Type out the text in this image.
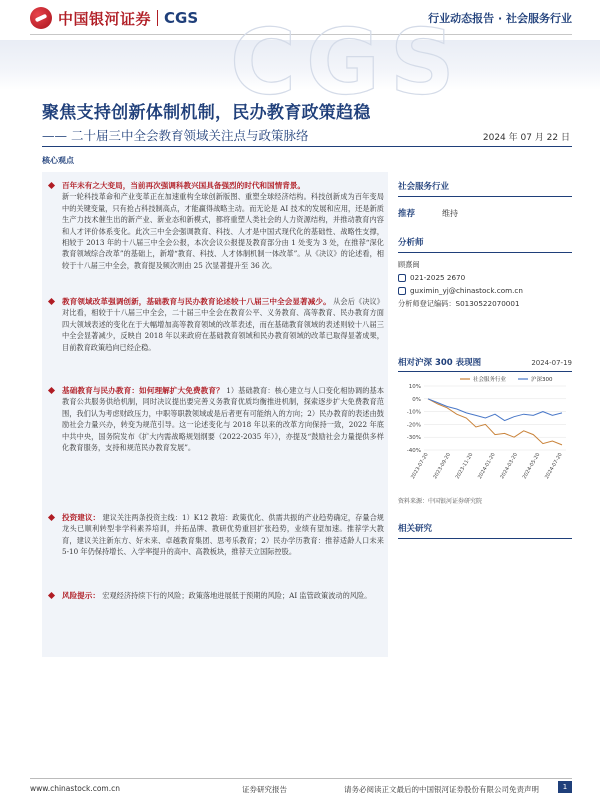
中国银河证券 CGS	行业动态报告 · 社会服务行业
CGS
聚焦支持创新体制机制，民办教育政策趋稳
—— 二十届三中全会教育领域关注点与政策脉络	2024 年 07 月 22 日
核心观点
百年未有之大变局，当前再次强调科教兴国具备强烈的时代和国情背景。
新一轮科技革命和产业变革正在加速重构全球创新版图、重塑全球经济结构。科技创新成为百年变局中的关键变量，只有抢占科技制高点，才能赢得战略主动。而无论是 AI 技术的发展和应用，还是新质生产力技术催生出的新产业、新业态和新模式，都将重塑人类社会的人力资源结构，并推动教育内容和人才评价体系变化。此次三中全会强调教育、科技、人才是中国式现代化的基础性、战略性支撑，相较于 2013 年的十八届三中全会公报，本次会议公报提及教育部分由 1 处变为 3 处，在推荐“深化教育领域综合改革”的基础上，新增“教育、科技、人才体制机制一体改革”。从《决议》的论述看，相较于十八届三中全会，教育提及频次则由 25 次显著提升至 36 次。
教育领域改革强调创新，基础教育与民办教育论述较十八届三中全会显著减少。 从会后《决议》对比看，相较于十八届三中全会，二十届三中全会在教育公平、义务教育、高等教育、民办教育方面四大领域表述的变化在于大幅增加高等教育领域的改革表述，而在基础教育领域的表述则较十八届三中全会显著减少，反映自 2018 年以来政府在基础教育领域和民办教育领域的改革已取得显著成果，目前教育政策趋向已经企稳。
基础教育与民办教育：如何理解扩大免费教育？ 1）基础教育：核心建立与人口变化相协调的基本教育公共服务供给机制，同时决议提出要完善义务教育优质均衡推进机制，探索逐步扩大免费教育范围，我们认为考虑财政压力，中职等职教领域或是后者更有可能纳入的方向；2）民办教育的表述由鼓励社会力量兴办，转变为规范引导。这一论述变化与 2018 年以来的改革方向保持一致，2022 年底中共中央，国务院发布《扩大内需战略规划纲要（2022-2035 年）》，亦提及“鼓励社会力量提供多样化教育服务，支持和规范民办教育发展”。
投资建议： 建议关注两条投资主线：1）K12 教培：政策优化、供需共振的产业趋势确定，存量合规龙头已顺利转型非学科素养培训，并拓品牌、教研优势重回扩张趋势，业绩有望加速。推荐学大教育，建议关注新东方、好未来、卓越教育集团、思考乐教育；2）民办学历教育：推荐适龄人口未来 5-10 年仍保持增长、入学率提升的高中、高教板块，推荐天立国际控股。
风险提示： 宏观经济持续下行的风险；政策落地进展低于预期的风险；AI 监管政策波动的风险。
社会服务行业
推荐	维持
分析师
顾熹闽
021-2025 2670
guximin_yj@chinastock.com.cn
分析师登记编码：S0130522070001
相对沪深 300 表现图	2024-07-19
10%
0%
-10%
-20%
-30%
-40%
2023-07-20 2023-09-20 2023-11-20 2024-01-20 2024-03-20 2024-05-20 2024-07-20
社会服务行业	沪深300
资料来源：中国银河证券研究院
相关研究
www.chinastock.com.cn	证券研究报告	请务必阅读正文最后的中国银河证券股份有限公司免责声明	1
